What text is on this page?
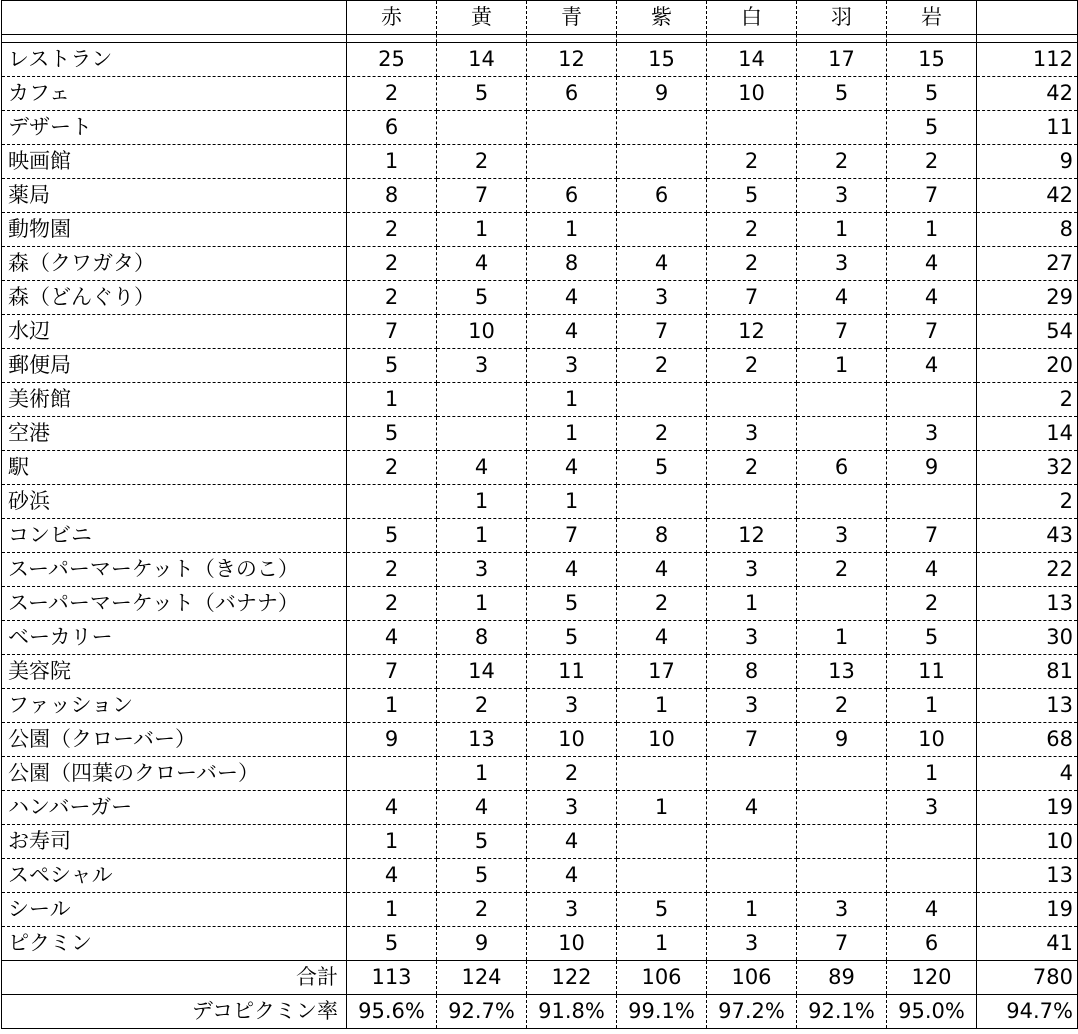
	赤	黄	青	紫	白	羽	岩	

レストラン	25	14	12	15	14	17	15	112
カフェ	2	5	6	9	10	5	5	42
デザート	6						5	11
映画館	1	2			2	2	2	9
薬局	8	7	6	6	5	3	7	42
動物園	2	1	1		2	1	1	8
森（クワガタ）	2	4	8	4	2	3	4	27
森（どんぐり）	2	5	4	3	7	4	4	29
水辺	7	10	4	7	12	7	7	54
郵便局	5	3	3	2	2	1	4	20
美術館	1		1					2
空港	5		1	2	3		3	14
駅	2	4	4	5	2	6	9	32
砂浜		1	1					2
コンビニ	5	1	7	8	12	3	7	43
スーパーマーケット（きのこ）	2	3	4	4	3	2	4	22
スーパーマーケット（バナナ）	2	1	5	2	1		2	13
ベーカリー	4	8	5	4	3	1	5	30
美容院	7	14	11	17	8	13	11	81
ファッション	1	2	3	1	3	2	1	13
公園（クローバー）	9	13	10	10	7	9	10	68
公園（四葉のクローバー）		1	2				1	4
ハンバーガー	4	4	3	1	4		3	19
お寿司	1	5	4					10
スペシャル	4	5	4					13
シール	1	2	3	5	1	3	4	19
ピクミン	5	9	10	1	3	7	6	41
合計	113	124	122	106	106	89	120	780
デコピクミン率	95.6%	92.7%	91.8%	99.1%	97.2%	92.1%	95.0%	94.7%
